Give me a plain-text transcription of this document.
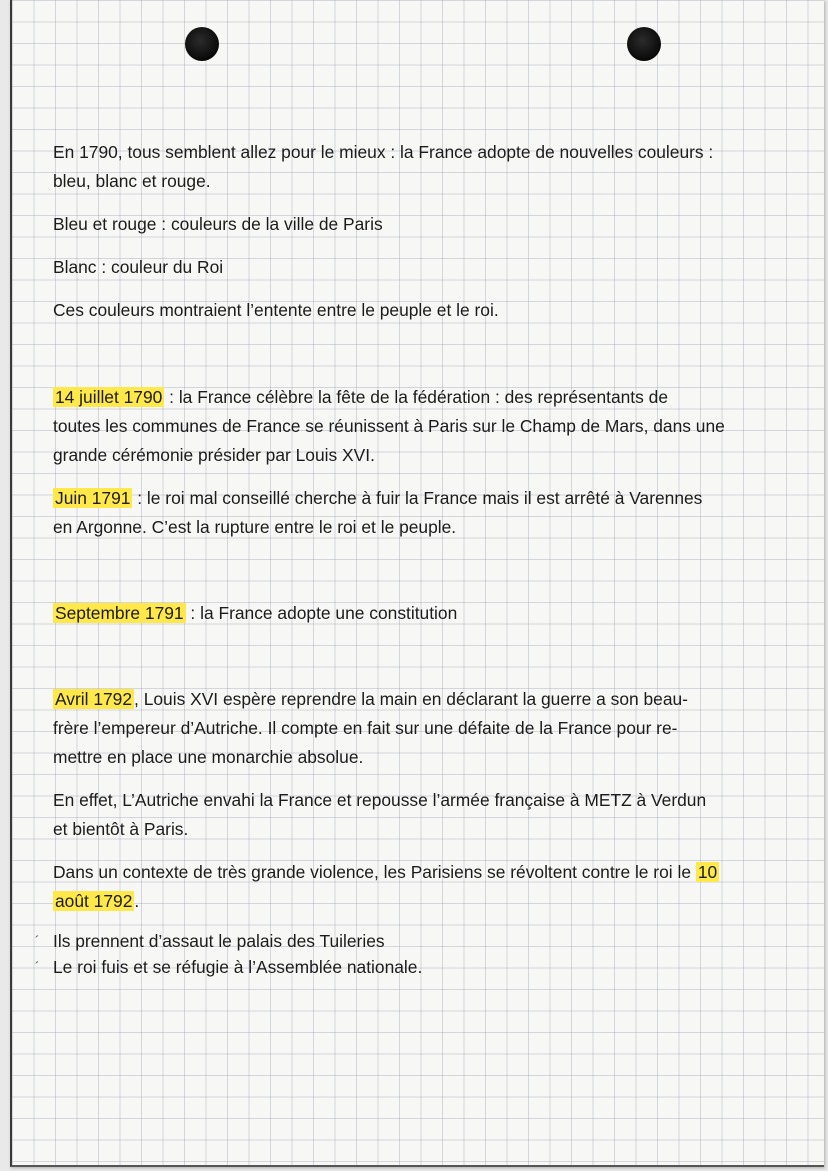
En 1790, tous semblent allez pour le mieux : la France adopte de nouvelles couleurs :
bleu, blanc et rouge.

Bleu et rouge : couleurs de la ville de Paris

Blanc : couleur du Roi

Ces couleurs montraient l’entente entre le peuple et le roi.

14 juillet 1790 : la France célèbre la fête de la fédération : des représentants de
toutes les communes de France se réunissent à Paris sur le Champ de Mars, dans une
grande cérémonie présider par Louis XVI.

Juin 1791 : le roi mal conseillé cherche à fuir la France mais il est arrêté à Varennes
en Argonne. C’est la rupture entre le roi et le peuple.

Septembre 1791 : la France adopte une constitution

Avril 1792 , Louis XVI espère reprendre la main en déclarant la guerre a son beau-
frère l’empereur d’Autriche. Il compte en fait sur une défaite de la France pour re-
mettre en place une monarchie absolue.

En effet, L’Autriche envahi la France et repousse l’armée française à METZ à Verdun
et bientôt à Paris.

Dans un contexte de très grande violence, les Parisiens se révoltent contre le roi le 10
août 1792 .

´ Ils prennent d’assaut le palais des Tuileries

´ Le roi fuis et se réfugie à l’Assemblée nationale.
